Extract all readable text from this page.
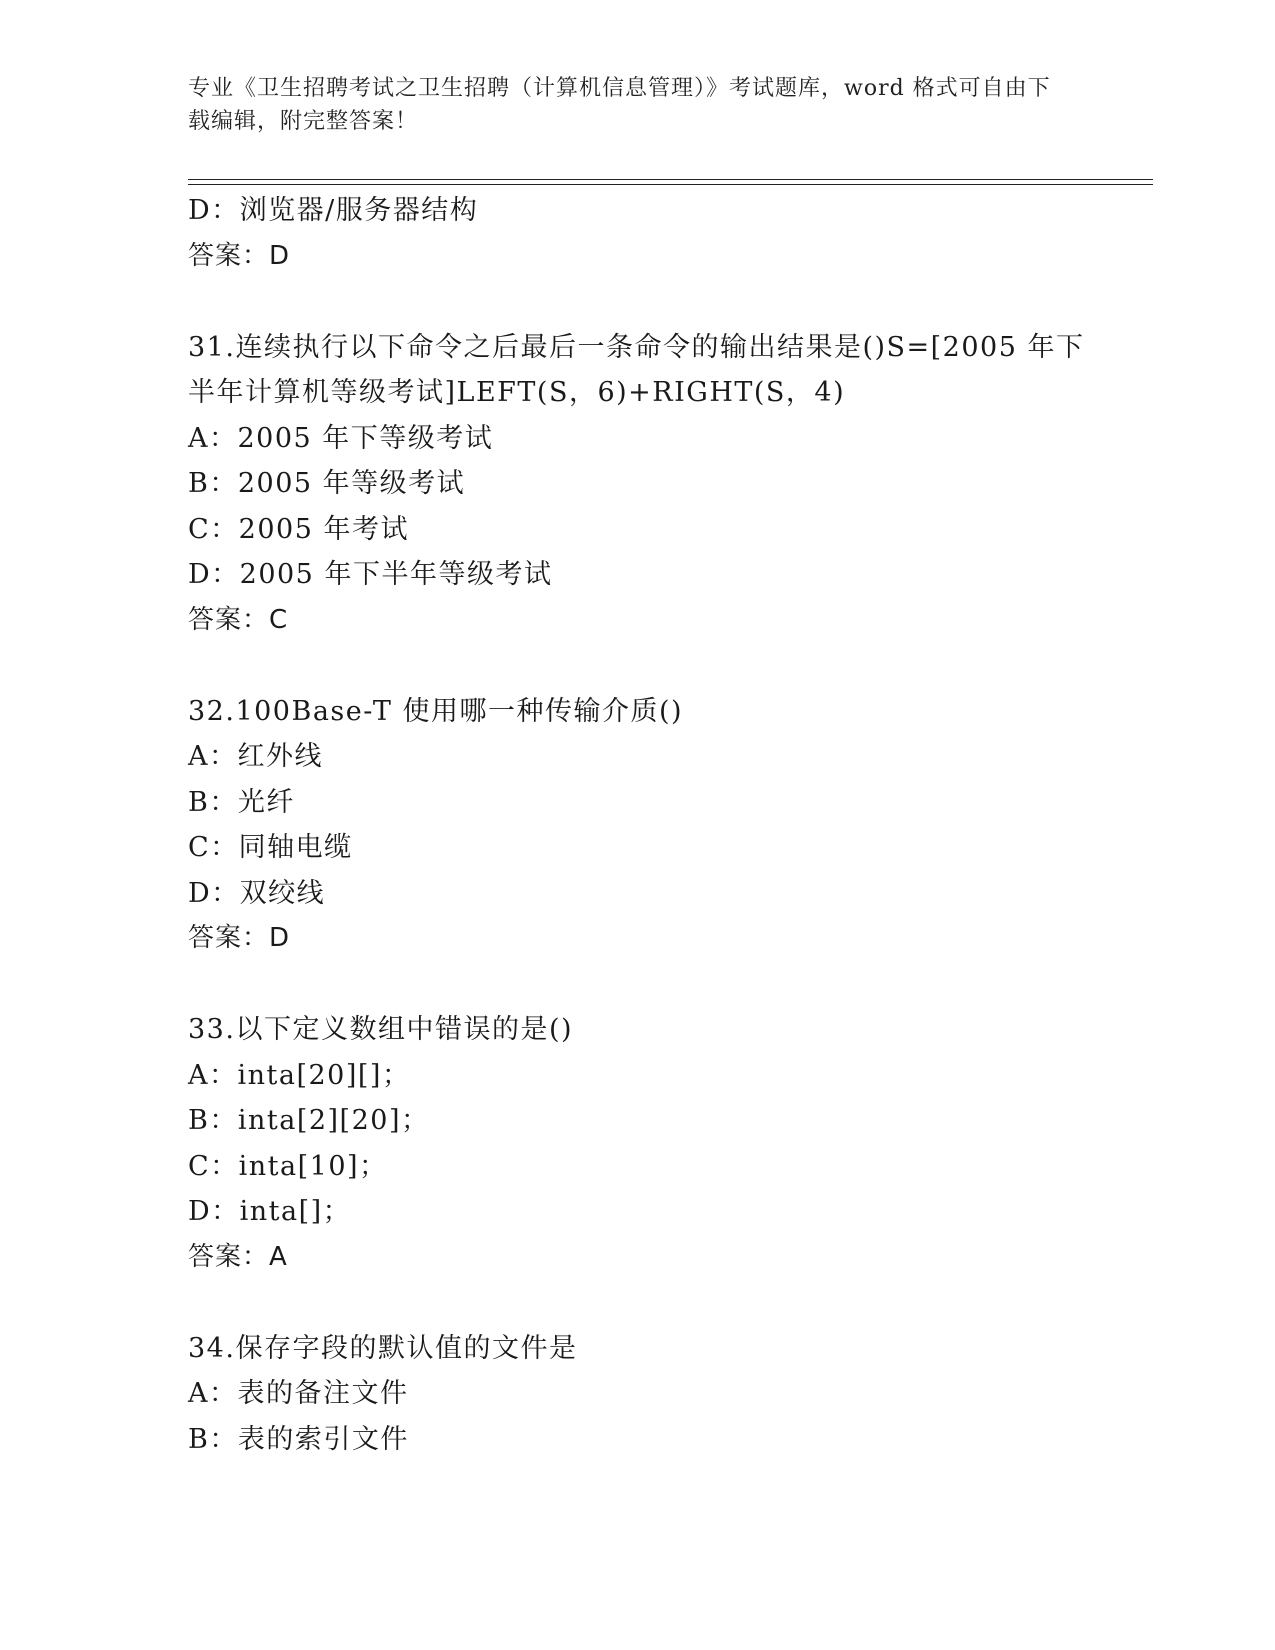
专业《卫生招聘考试之卫生招聘（计算机信息管理）》考试题库，word 格式可自由下载编辑，附完整答案！
D：浏览器/服务器结构
答案：D
31.连续执行以下命令之后最后一条命令的输出结果是()S=[2005 年下
半年计算机等级考试]LEFT(S，6)+RIGHT(S，4)
A：2005 年下等级考试
B：2005 年等级考试
C：2005 年考试
D：2005 年下半年等级考试
答案：C
32.100Base-T 使用哪一种传输介质()
A：红外线
B：光纤
C：同轴电缆
D：双绞线
答案：D
33.以下定义数组中错误的是()
A：inta[20][]；
B：inta[2][20]；
C：inta[10]；
D：inta[]；
答案：A
34.保存字段的默认值的文件是
A：表的备注文件
B：表的索引文件
